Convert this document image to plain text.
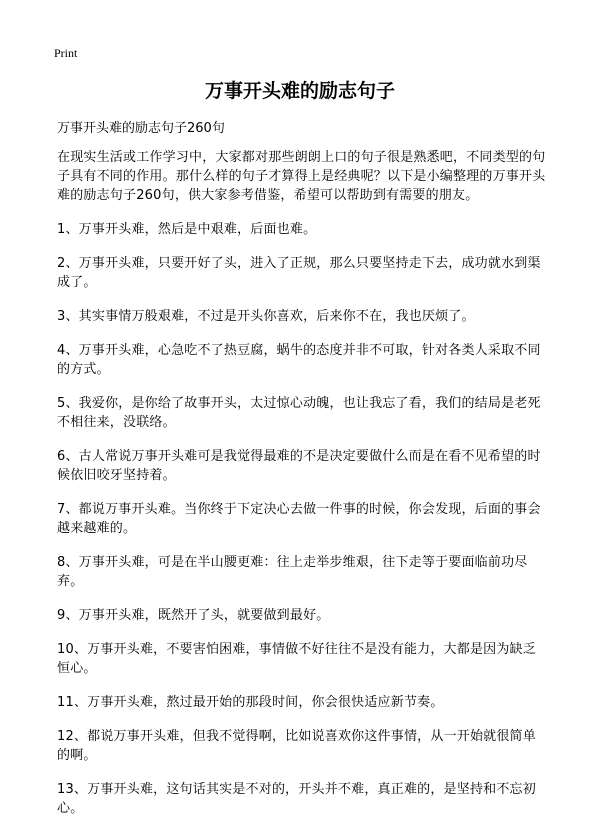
Print
万事开头难的励志句子

万事开头难的励志句子260句

在现实生活或工作学习中，大家都对那些朗朗上口的句子很是熟悉吧，不同类型的句子具有不同的作用。那什么样的句子才算得上是经典呢？以下是小编整理的万事开头难的励志句子260句，供大家参考借鉴，希望可以帮助到有需要的朋友。

1、万事开头难，然后是中艰难，后面也难。

2、万事开头难，只要开好了头，进入了正规，那么只要坚持走下去，成功就水到渠成了。

3、其实事情万般艰难，不过是开头你喜欢，后来你不在，我也厌烦了。

4、万事开头难，心急吃不了热豆腐，蜗牛的态度并非不可取，针对各类人采取不同的方式。

5、我爱你，是你给了故事开头，太过惊心动魄，也让我忘了看，我们的结局是老死不相往来，没联络。

6、古人常说万事开头难可是我觉得最难的不是决定要做什么而是在看不见希望的时候依旧咬牙坚持着。

7、都说万事开头难。当你终于下定决心去做一件事的时候，你会发现，后面的事会越来越难的。

8、万事开头难，可是在半山腰更难：往上走举步维艰，往下走等于要面临前功尽弃。

9、万事开头难，既然开了头，就要做到最好。

10、万事开头难，不要害怕困难，事情做不好往往不是没有能力，大都是因为缺乏恒心。

11、万事开头难，熬过最开始的那段时间，你会很快适应新节奏。

12、都说万事开头难，但我不觉得啊，比如说喜欢你这件事情，从一开始就很简单的啊。

13、万事开头难，这句话其实是不对的，开头并不难，真正难的，是坚持和不忘初心。
